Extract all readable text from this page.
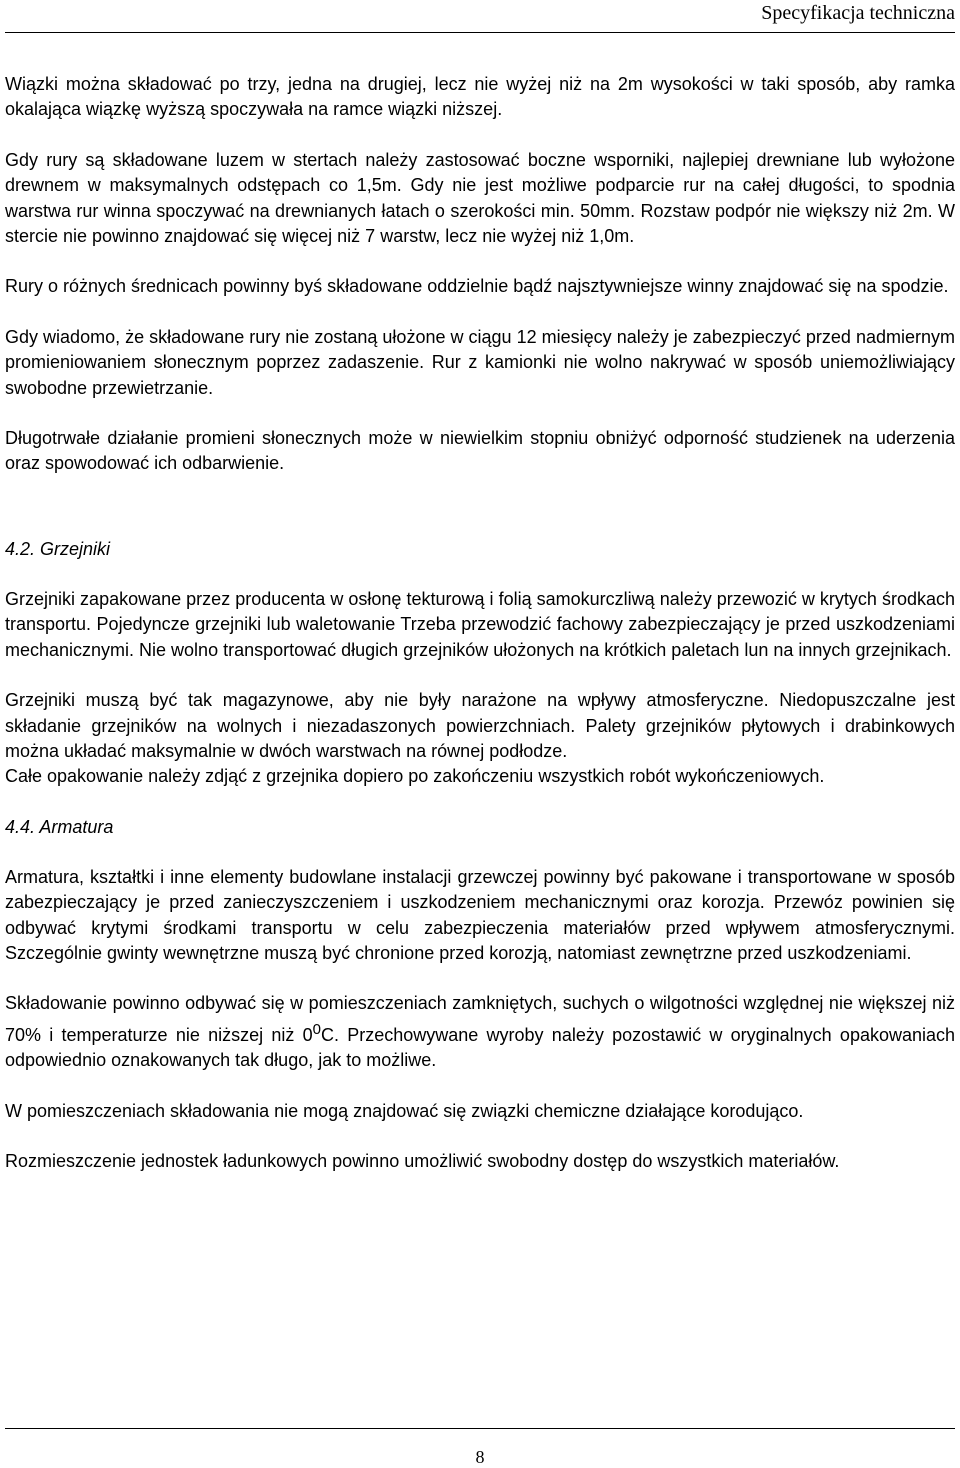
Specyfikacja techniczna

Wiązki można składować po trzy, jedna na drugiej, lecz nie wyżej niż na 2m wysokości w taki sposób, aby ramka okalająca wiązkę wyższą spoczywała na ramce wiązki niższej.

Gdy rury są składowane luzem w stertach należy zastosować boczne wsporniki, najlepiej drewniane lub wyłożone drewnem w maksymalnych odstępach co 1,5m. Gdy nie jest możliwe podparcie rur na całej długości, to spodnia warstwa rur winna spoczywać na drewnianych łatach o szerokości min. 50mm. Rozstaw podpór nie większy niż 2m. W stercie nie powinno znajdować się więcej niż 7 warstw, lecz nie wyżej niż 1,0m.

Rury o różnych średnicach powinny byś składowane oddzielnie bądź najsztywniejsze winny znajdować się na spodzie.

Gdy wiadomo, że składowane rury nie zostaną ułożone w ciągu 12 miesięcy należy je zabezpieczyć przed nadmiernym promieniowaniem słonecznym poprzez zadaszenie. Rur z kamionki nie wolno nakrywać w sposób uniemożliwiający swobodne przewietrzanie.

Długotrwałe działanie promieni słonecznych może w niewielkim stopniu obniżyć odporność studzienek na uderzenia oraz spowodować ich odbarwienie.

4.2. Grzejniki

Grzejniki zapakowane przez producenta w osłonę tekturową i folią samokurczliwą należy przewozić w krytych środkach transportu. Pojedyncze grzejniki lub waletowanie Trzeba przewodzić fachowy zabezpieczający je przed uszkodzeniami mechanicznymi. Nie wolno transportować długich grzejników ułożonych na krótkich paletach lun na innych grzejnikach.

Grzejniki muszą być tak magazynowe, aby nie były narażone na wpływy atmosferyczne. Niedopuszczalne jest składanie grzejników na wolnych i niezadaszonych powierzchniach. Palety grzejników płytowych i drabinkowych można układać maksymalnie w dwóch warstwach na równej podłodze.

Całe opakowanie należy zdjąć z grzejnika dopiero po zakończeniu wszystkich robót wykończeniowych.

4.4. Armatura

Armatura, kształtki i inne elementy budowlane instalacji grzewczej powinny być pakowane i transportowane w sposób zabezpieczający je przed zanieczyszczeniem i uszkodzeniem mechanicznymi oraz korozja. Przewóz powinien się odbywać krytymi środkami transportu w celu zabezpieczenia materiałów przed wpływem atmosferycznymi. Szczególnie gwinty wewnętrzne muszą być chronione przed korozją, natomiast zewnętrzne przed uszkodzeniami.

Składowanie powinno odbywać się w pomieszczeniach zamkniętych, suchych o wilgotności względnej nie większej niż 70% i temperaturze nie niższej niż $0^0C$. Przechowywane wyroby należy pozostawić w oryginalnych opakowaniach odpowiednio oznakowanych tak długo, jak to możliwe.

W pomieszczeniach składowania nie mogą znajdować się związki chemiczne działające korodująco.

Rozmieszczenie jednostek ładunkowych powinno umożliwić swobodny dostęp do wszystkich materiałów.

8
